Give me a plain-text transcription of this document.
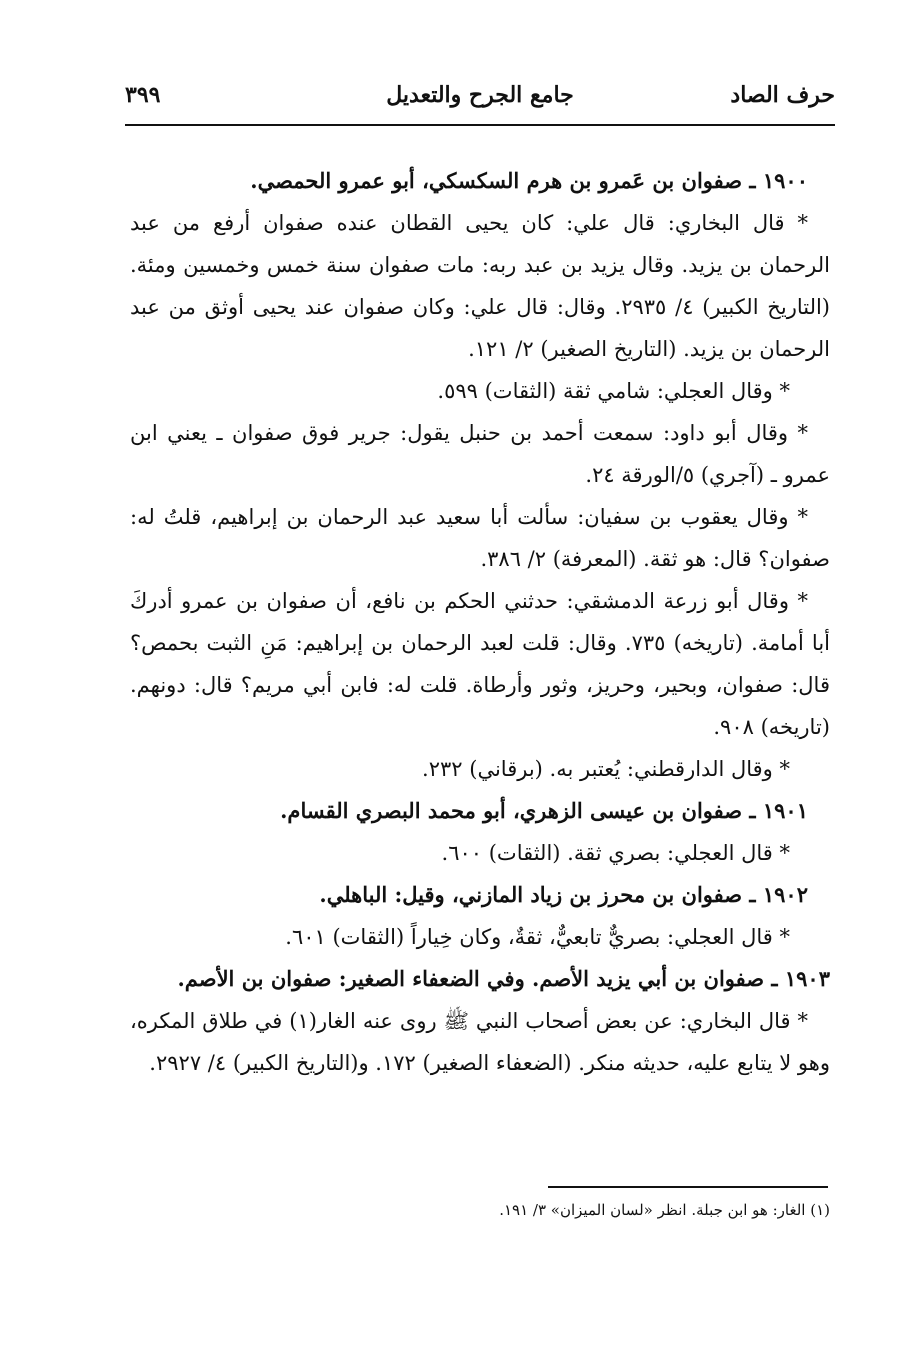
حرف الصاد
جامع الجرح والتعديل
٣٩٩

١٩٠٠ ـ صفوان بن عَمرو بن هرم السكسكي، أبو عمرو الحمصي.

* قال البخاري: قال علي: كان يحيى القطان عنده صفوان أرفع من عبد الرحمان بن يزيد. وقال يزيد بن عبد ربه: مات صفوان سنة خمس وخمسين ومئة. (التاريخ الكبير) ٤/ ٢٩٣٥. وقال: قال علي: وكان صفوان عند يحيى أوثق من عبد الرحمان بن يزيد. (التاريخ الصغير) ٢/ ١٢١.

* وقال العجلي: شامي ثقة (الثقات) ٥٩٩.

* وقال أبو داود: سمعت أحمد بن حنبل يقول: جرير فوق صفوان ـ يعني ابن عمرو ـ (آجري) ٥/الورقة ٢٤.

* وقال يعقوب بن سفيان: سألت أبا سعيد عبد الرحمان بن إبراهيم، قلتُ له: صفوان؟ قال: هو ثقة. (المعرفة) ٢/ ٣٨٦.

* وقال أبو زرعة الدمشقي: حدثني الحكم بن نافع، أن صفوان بن عمرو أدركَ أبا أمامة. (تاريخه) ٧٣٥. وقال: قلت لعبد الرحمان بن إبراهيم: مَنِ الثبت بحمص؟ قال: صفوان، وبحير، وحريز، وثور وأرطاة. قلت له: فابن أبي مريم؟ قال: دونهم. (تاريخه) ٩٠٨.

* وقال الدارقطني: يُعتبر به. (برقاني) ٢٣٢.

١٩٠١ ـ صفوان بن عيسى الزهري، أبو محمد البصري القسام.

* قال العجلي: بصري ثقة. (الثقات) ٦٠٠.

١٩٠٢ ـ صفوان بن محرز بن زياد المازني، وقيل: الباهلي.

* قال العجلي: بصريٌّ تابعيٌّ، ثقةٌ، وكان خِياراً (الثقات) ٦٠١.

١٩٠٣ ـ صفوان بن أبي يزيد الأصم. وفي الضعفاء الصغير: صفوان بن الأصم.

* قال البخاري: عن بعض أصحاب النبي ﷺ روى عنه الغار(١) في طلاق المكره، وهو لا يتابع عليه، حديثه منكر. (الضعفاء الصغير) ١٧٢. و(التاريخ الكبير) ٤/ ٢٩٢٧.

(١) الغار: هو ابن جبلة. انظر «لسان الميزان» ٣/ ١٩١.
